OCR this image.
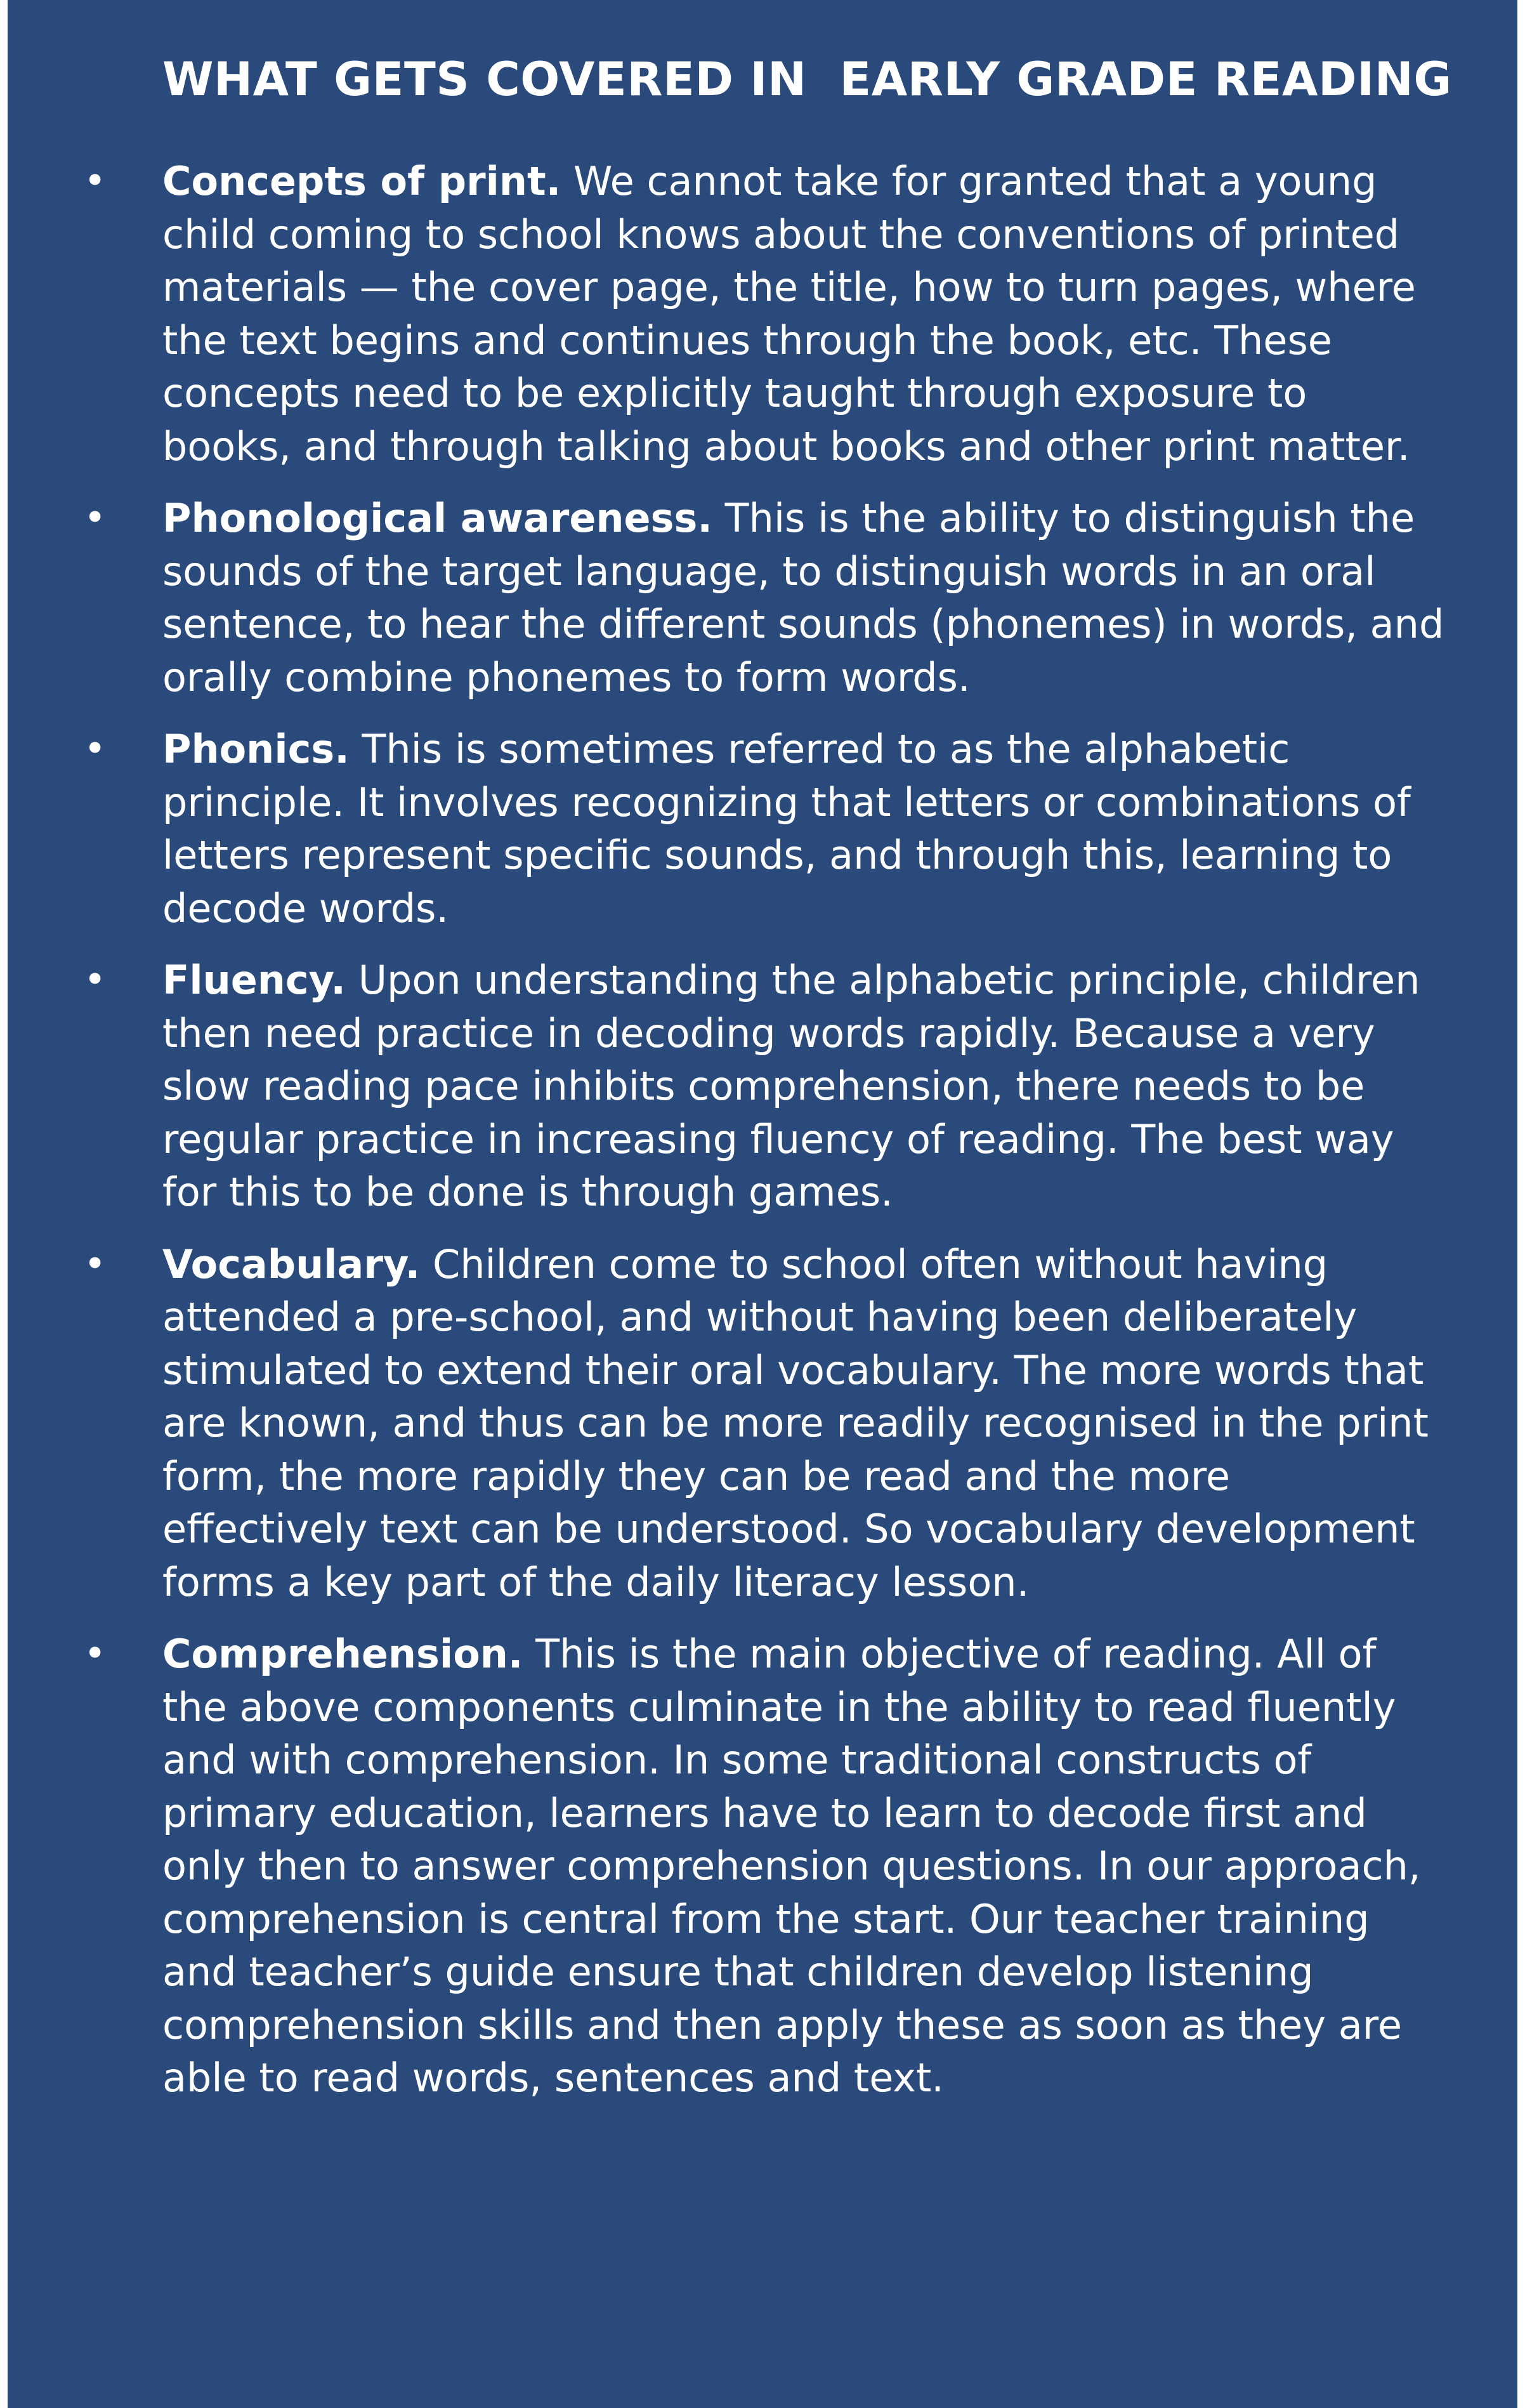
WHAT GETS COVERED IN  EARLY GRADE READING
•	Concepts of print. We cannot take for granted that a young child coming to school knows about the conventions of printed materials — the cover page, the title, how to turn pages, where the text begins and continues through the book, etc. These concepts need to be explicitly taught through exposure to books, and through talking about books and other print matter.
•	Phonological awareness. This is the ability to distinguish the sounds of the target language, to distinguish words in an oral sentence, to hear the different sounds (phonemes) in words, and orally combine phonemes to form words.
•	Phonics. This is sometimes referred to as the alphabetic principle. It involves recognizing that letters or combinations of letters represent specific sounds, and through this, learning to decode words.
•	Fluency. Upon understanding the alphabetic principle, children then need practice in decoding words rapidly. Because a very slow reading pace inhibits comprehension, there needs to be regular practice in increasing fluency of reading. The best way for this to be done is through games.
•	Vocabulary. Children come to school often without having attended a pre-school, and without having been deliberately stimulated to extend their oral vocabulary. The more words that are known, and thus can be more readily recognised in the print form, the more rapidly they can be read and the more effectively text can be understood. So vocabulary development forms a key part of the daily literacy lesson.
•	Comprehension. This is the main objective of reading. All of the above components culminate in the ability to read fluently and with comprehension. In some traditional constructs of primary education, learners have to learn to decode first and only then to answer comprehension questions. In our approach, comprehension is central from the start. Our teacher training and teacher’s guide ensure that children develop listening comprehension skills and then apply these as soon as they are able to read words, sentences and text.
